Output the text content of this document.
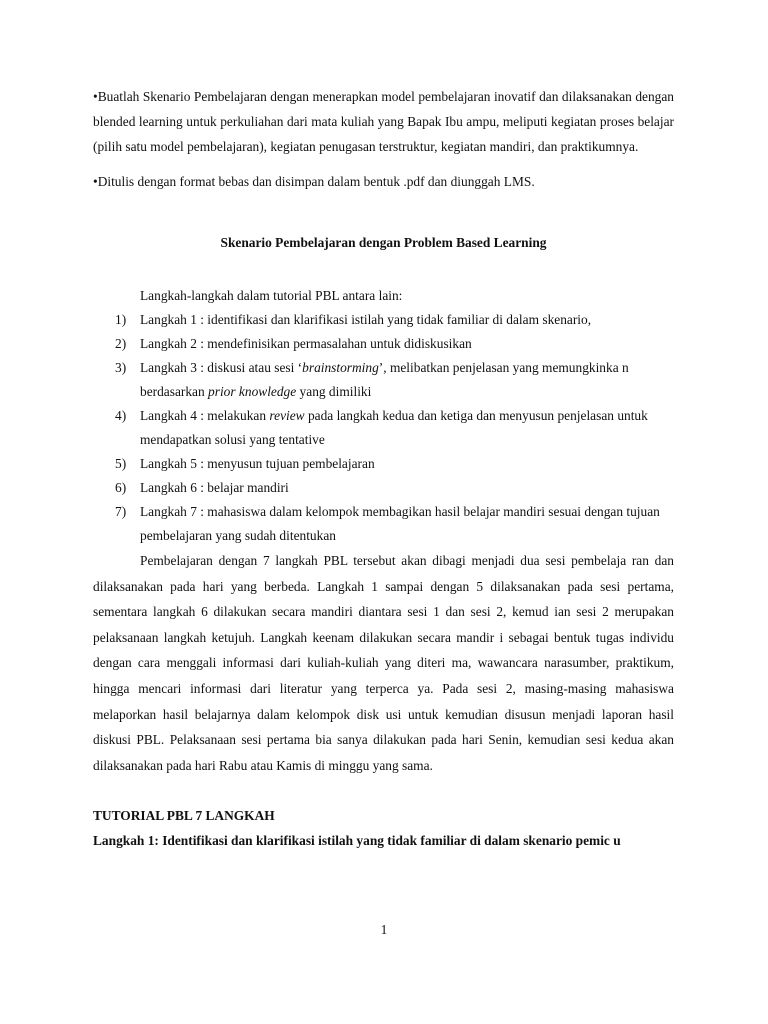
•Buatlah Skenario Pembelajaran dengan menerapkan model pembelajaran inovatif dan dilaksanakan dengan blended learning untuk perkuliahan dari mata kuliah yang Bapak Ibu ampu, meliputi kegiatan proses belajar (pilih satu model pembelajaran), kegiatan penugasan terstruktur, kegiatan mandiri, dan praktikumnya.

•Ditulis dengan format bebas dan disimpan dalam bentuk .pdf dan diunggah LMS.

Skenario Pembelajaran dengan Problem Based Learning
Langkah-langkah dalam tutorial PBL antara lain:
1) Langkah 1 : identifikasi dan klarifikasi istilah yang tidak familiar di dalam skenario,
2) Langkah 2 : mendefinisikan permasalahan untuk didiskusikan
3) Langkah 3 : diskusi atau sesi ‘brainstorming’, melibatkan penjelasan yang memungkinka n berdasarkan prior knowledge yang dimiliki
4) Langkah 4 : melakukan review pada langkah kedua dan ketiga dan menyusun penjelasan untuk mendapatkan solusi yang tentative
5) Langkah 5 : menyusun tujuan pembelajaran
6) Langkah 6 : belajar mandiri
7) Langkah 7 : mahasiswa dalam kelompok membagikan hasil belajar mandiri sesuai dengan tujuan pembelajaran yang sudah ditentukan

Pembelajaran dengan 7 langkah PBL tersebut akan dibagi menjadi dua sesi pembelaja ran dan dilaksanakan pada hari yang berbeda. Langkah 1 sampai dengan 5 dilaksanakan pada sesi pertama, sementara langkah 6 dilakukan secara mandiri diantara sesi 1 dan sesi 2, kemud ian sesi 2 merupakan pelaksanaan langkah ketujuh. Langkah keenam dilakukan secara mandir i sebagai bentuk tugas individu dengan cara menggali informasi dari kuliah-kuliah yang diteri ma, wawancara narasumber, praktikum, hingga mencari informasi dari literatur yang terperca ya. Pada sesi 2, masing-masing mahasiswa melaporkan hasil belajarnya dalam kelompok disk usi untuk kemudian disusun menjadi laporan hasil diskusi PBL. Pelaksanaan sesi pertama bia sanya dilakukan pada hari Senin, kemudian sesi kedua akan dilaksanakan pada hari Rabu atau Kamis di minggu yang sama.

TUTORIAL PBL 7 LANGKAH
Langkah 1: Identifikasi dan klarifikasi istilah yang tidak familiar di dalam skenario pemic u
1
